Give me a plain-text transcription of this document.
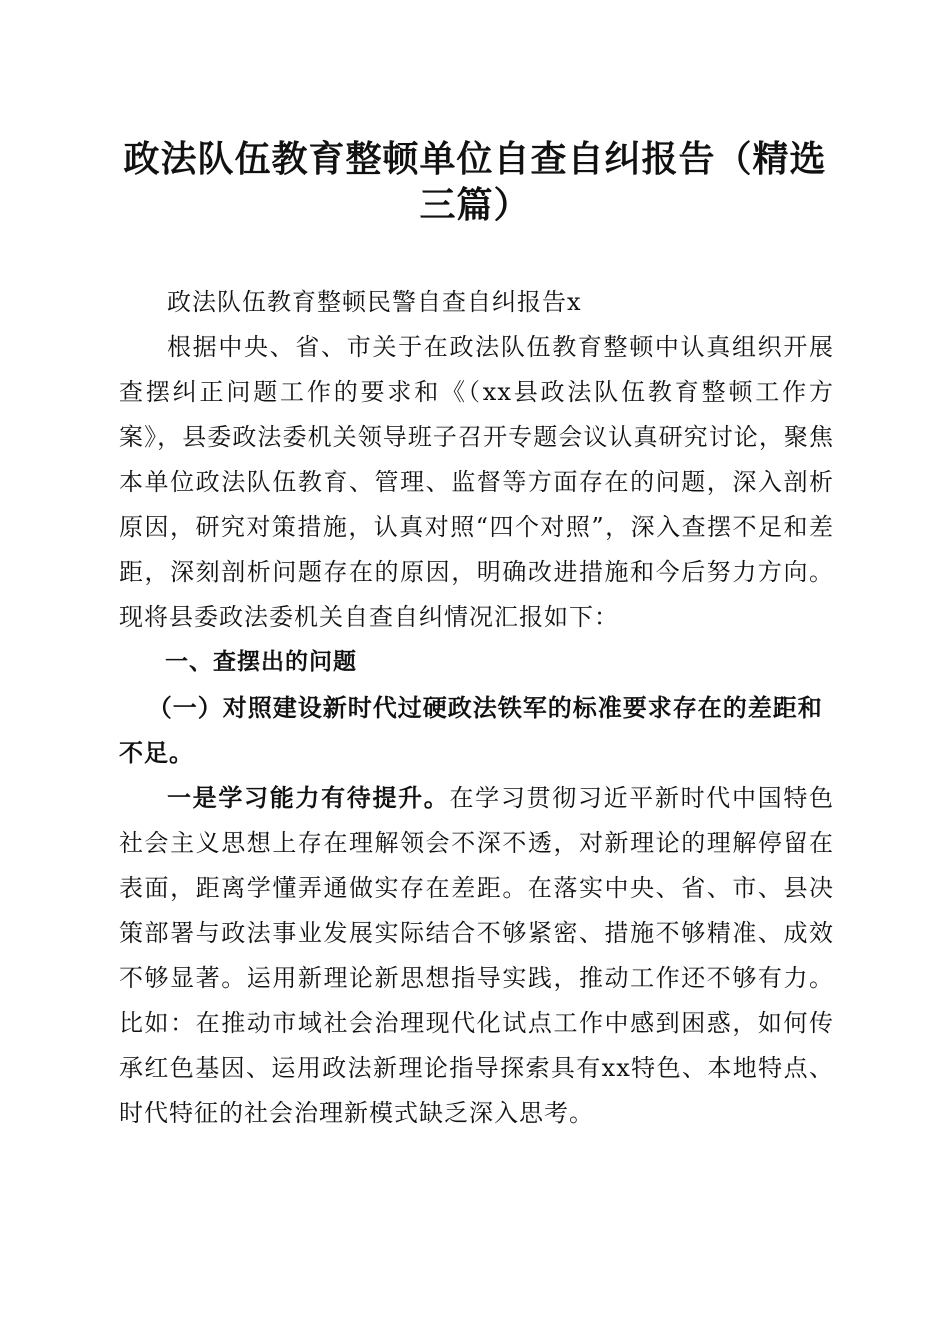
政法队伍教育整顿单位自查自纠报告（精选三篇）

政法队伍教育整顿民警自查自纠报告x

根据中央、省、市关于在政法队伍教育整顿中认真组织开展查摆纠正问题工作的要求和《（xx县政法队伍教育整顿工作方案》，县委政法委机关领导班子召开专题会议认真研究讨论，聚焦本单位政法队伍教育、管理、监督等方面存在的问题，深入剖析原因，研究对策措施，认真对照“四个对照”，深入查摆不足和差距，深刻剖析问题存在的原因，明确改进措施和今后努力方向。现将县委政法委机关自查自纠情况汇报如下：

一、查摆出的问题

（一）对照建设新时代过硬政法铁军的标准要求存在的差距和不足。

一是学习能力有待提升。在学习贯彻习近平新时代中国特色社会主义思想上存在理解领会不深不透，对新理论的理解停留在表面，距离学懂弄通做实存在差距。在落实中央、省、市、县决策部署与政法事业发展实际结合不够紧密、措施不够精准、成效不够显著。运用新理论新思想指导实践，推动工作还不够有力。比如：在推动市域社会治理现代化试点工作中感到困惑，如何传承红色基因、运用政法新理论指导探索具有xx特色、本地特点、时代特征的社会治理新模式缺乏深入思考。
